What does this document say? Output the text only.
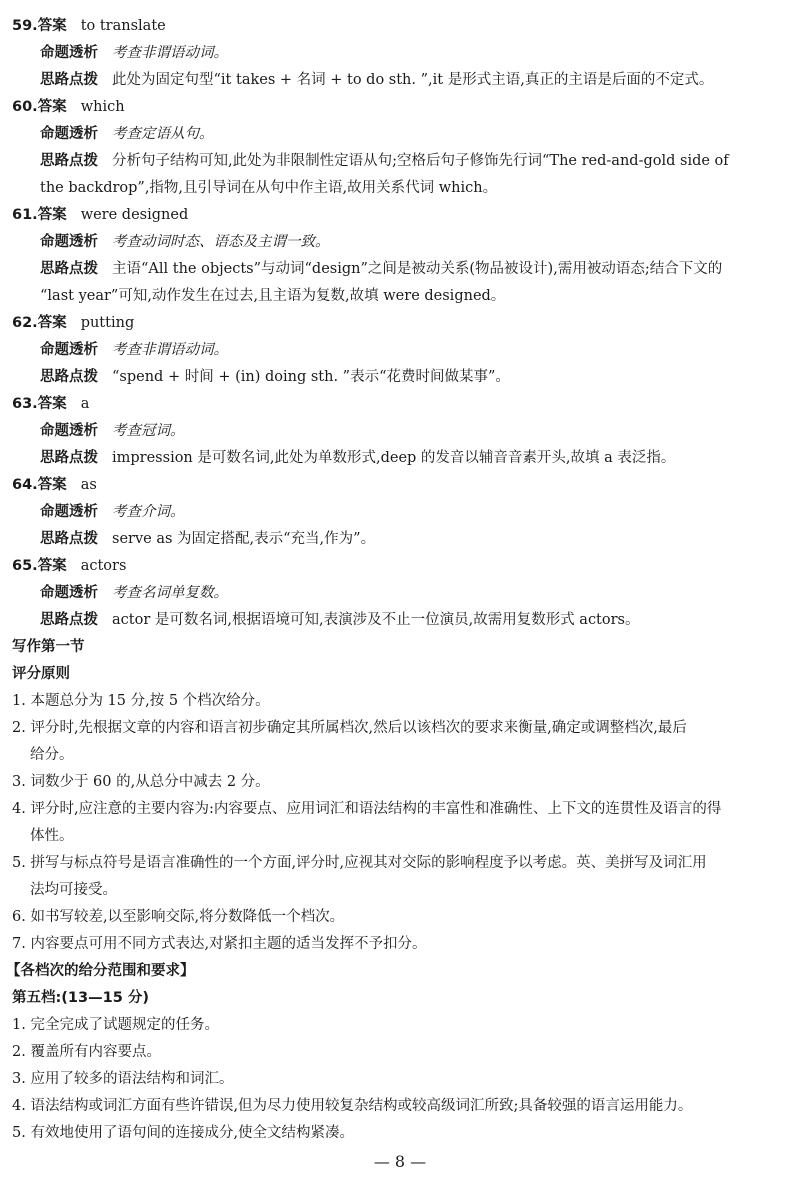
59.答案 to translate
命题透析 考查非谓语动词。
思路点拨 此处为固定句型“it takes + 名词 + to do sth. ”,it 是形式主语,真正的主语是后面的不定式。
60.答案 which
命题透析 考查定语从句。
思路点拨 分析句子结构可知,此处为非限制性定语从句;空格后句子修饰先行词“The red-and-gold side of
the backdrop”,指物,且引导词在从句中作主语,故用关系代词 which。
61.答案 were designed
命题透析 考查动词时态、语态及主谓一致。
思路点拨 主语“All the objects”与动词“design”之间是被动关系(物品被设计),需用被动语态;结合下文的
“last year”可知,动作发生在过去,且主语为复数,故填 were designed。
62.答案 putting
命题透析 考查非谓语动词。
思路点拨 “spend + 时间 + (in) doing sth. ”表示“花费时间做某事”。
63.答案 a
命题透析 考查冠词。
思路点拨 impression 是可数名词,此处为单数形式,deep 的发音以辅音音素开头,故填 a 表泛指。
64.答案 as
命题透析 考查介词。
思路点拨 serve as 为固定搭配,表示“充当,作为”。
65.答案 actors
命题透析 考查名词单复数。
思路点拨 actor 是可数名词,根据语境可知,表演涉及不止一位演员,故需用复数形式 actors。
写作第一节
评分原则
1. 本题总分为 15 分,按 5 个档次给分。
2. 评分时,先根据文章的内容和语言初步确定其所属档次,然后以该档次的要求来衡量,确定或调整档次,最后
给分。
3. 词数少于 60 的,从总分中减去 2 分。
4. 评分时,应注意的主要内容为:内容要点、应用词汇和语法结构的丰富性和准确性、上下文的连贯性及语言的得
体性。
5. 拼写与标点符号是语言准确性的一个方面,评分时,应视其对交际的影响程度予以考虑。英、美拼写及词汇用
法均可接受。
6. 如书写较差,以至影响交际,将分数降低一个档次。
7. 内容要点可用不同方式表达,对紧扣主题的适当发挥不予扣分。
【各档次的给分范围和要求】
第五档:(13—15 分)
1. 完全完成了试题规定的任务。
2. 覆盖所有内容要点。
3. 应用了较多的语法结构和词汇。
4. 语法结构或词汇方面有些许错误,但为尽力使用较复杂结构或较高级词汇所致;具备较强的语言运用能力。
5. 有效地使用了语句间的连接成分,使全文结构紧凑。
— 8 —
